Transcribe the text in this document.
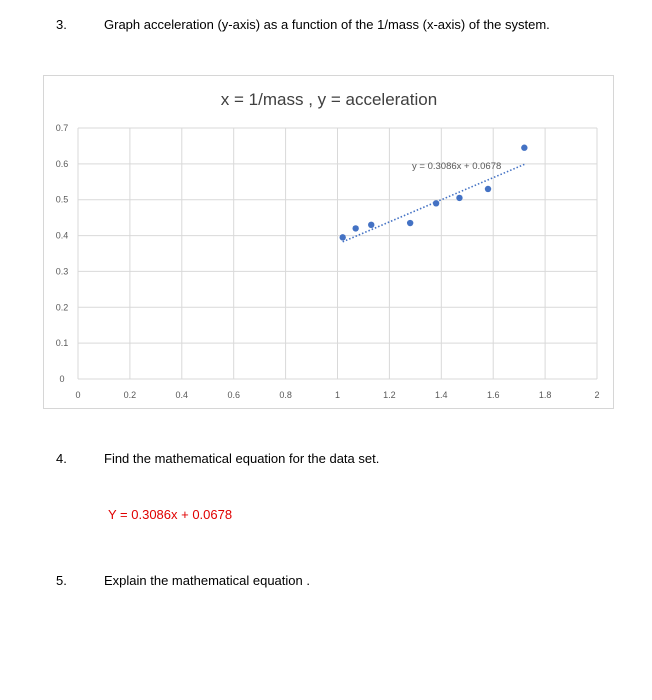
3.	Graph acceleration (y-axis) as a function of the 1/mass (x-axis) of the system.
0
0.1
0.2
0.3
0.4
0.5
0.6
0.7
0	0.2	0.4	0.6	0.8	1	1.2	1.4	1.6	1.8	2
x = 1/mass , y = acceleration
y = 0.3086x + 0.0678
4.	Find the mathematical equation for the data set.
Y = 0.3086x + 0.0678
5.	Explain the mathematical equation .
